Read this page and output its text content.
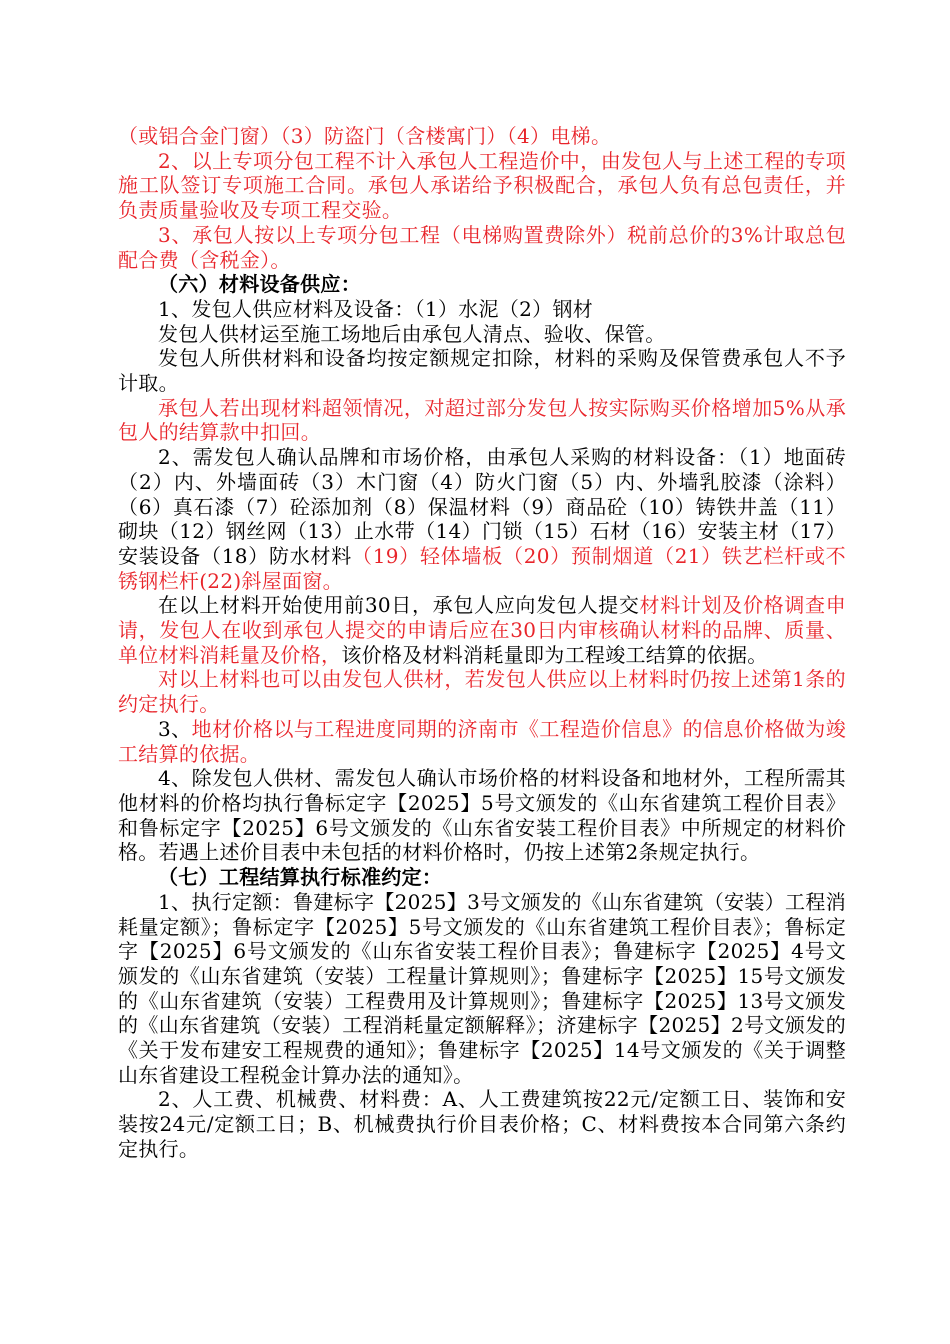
（或铝合金门窗）（3）防盗门（含楼寓门）（4）电梯。

2、以上专项分包工程不计入承包人工程造价中，由发包人与上述工程的专项施工队签订专项施工合同。承包人承诺给予积极配合，承包人负有总包责任，并负责质量验收及专项工程交验。

3、承包人按以上专项分包工程（电梯购置费除外）税前总价的3%计取总包配合费（含税金）。

（六）材料设备供应：

1、发包人供应材料及设备：（1）水泥（2）钢材

发包人供材运至施工场地后由承包人清点、验收、保管。

发包人所供材料和设备均按定额规定扣除，材料的采购及保管费承包人不予计取。

承包人若出现材料超领情况，对超过部分发包人按实际购买价格增加5%从承包人的结算款中扣回。

2、需发包人确认品牌和市场价格，由承包人采购的材料设备：（1）地面砖（2）内、外墙面砖（3）木门窗（4）防火门窗（5）内、外墙乳胶漆（涂料）（6）真石漆（7）砼添加剂（8）保温材料（9）商品砼（10）铸铁井盖（11）砌块（12）钢丝网（13）止水带（14）门锁（15）石材（16）安装主材（17）安装设备（18）防水材料（19）轻体墙板（20）预制烟道（21）铁艺栏杆或不锈钢栏杆(22)斜屋面窗。

在以上材料开始使用前30日，承包人应向发包人提交材料计划及价格调查申请，发包人在收到承包人提交的申请后应在30日内审核确认材料的品牌、质量、单位材料消耗量及价格，该价格及材料消耗量即为工程竣工结算的依据。

对以上材料也可以由发包人供材，若发包人供应以上材料时仍按上述第1条的约定执行。

3、地材价格以与工程进度同期的济南市《工程造价信息》的信息价格做为竣工结算的依据。

4、除发包人供材、需发包人确认市场价格的材料设备和地材外，工程所需其他材料的价格均执行鲁标定字【2025】5号文颁发的《山东省建筑工程价目表》和鲁标定字【2025】6号文颁发的《山东省安装工程价目表》中所规定的材料价格。若遇上述价目表中未包括的材料价格时，仍按上述第2条规定执行。

（七）工程结算执行标准约定：

1、执行定额：鲁建标字【2025】3号文颁发的《山东省建筑（安装）工程消耗量定额》；鲁标定字【2025】5号文颁发的《山东省建筑工程价目表》；鲁标定字【2025】6号文颁发的《山东省安装工程价目表》；鲁建标字【2025】4号文颁发的《山东省建筑（安装）工程量计算规则》；鲁建标字【2025】15号文颁发的《山东省建筑（安装）工程费用及计算规则》；鲁建标字【2025】13号文颁发的《山东省建筑（安装）工程消耗量定额解释》；济建标字【2025】2号文颁发的《关于发布建安工程规费的通知》；鲁建标字【2025】14号文颁发的《关于调整山东省建设工程税金计算办法的通知》。

2、人工费、机械费、材料费：A、人工费建筑按22元/定额工日、装饰和安装按24元/定额工日；B、机械费执行价目表价格；C、材料费按本合同第六条约定执行。
